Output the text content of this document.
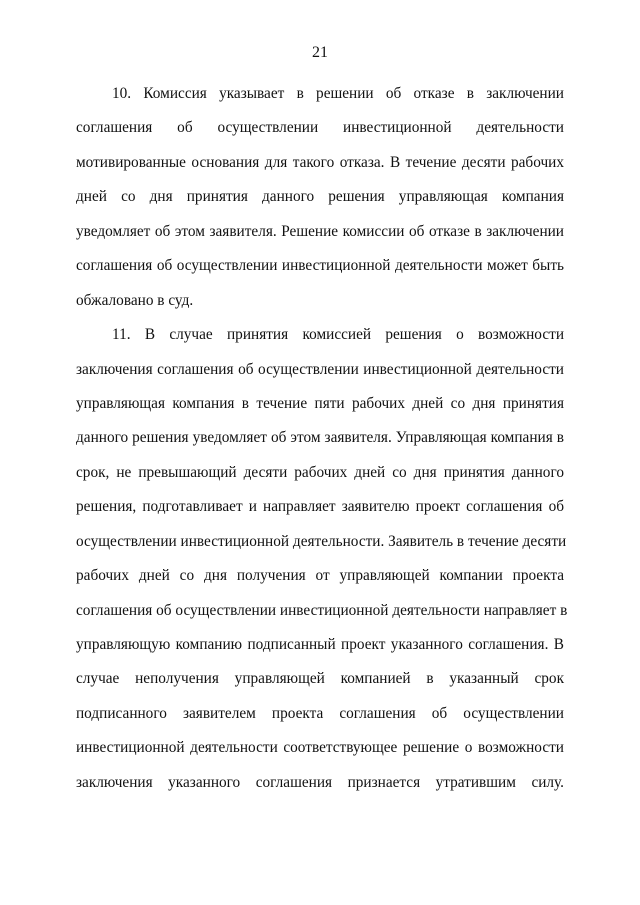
21
10. Комиссия указывает в решении об отказе в заключении
соглашения об осуществлении инвестиционной деятельности
мотивированные основания для такого отказа. В течение десяти рабочих
дней со дня принятия данного решения управляющая компания
уведомляет об этом заявителя. Решение комиссии об отказе в заключении
соглашения об осуществлении инвестиционной деятельности может быть
обжаловано в суд.
11. В случае принятия комиссией решения о возможности
заключения соглашения об осуществлении инвестиционной деятельности
управляющая компания в течение пяти рабочих дней со дня принятия
данного решения уведомляет об этом заявителя. Управляющая компания в
срок, не превышающий десяти рабочих дней со дня принятия данного
решения, подготавливает и направляет заявителю проект соглашения об
осуществлении инвестиционной деятельности. Заявитель в течение десяти
рабочих дней со дня получения от управляющей компании проекта
соглашения об осуществлении инвестиционной деятельности направляет в
управляющую компанию подписанный проект указанного соглашения. В
случае неполучения управляющей компанией в указанный срок
подписанного заявителем проекта соглашения об осуществлении
инвестиционной деятельности соответствующее решение о возможности
заключения указанного соглашения признается утратившим силу.
